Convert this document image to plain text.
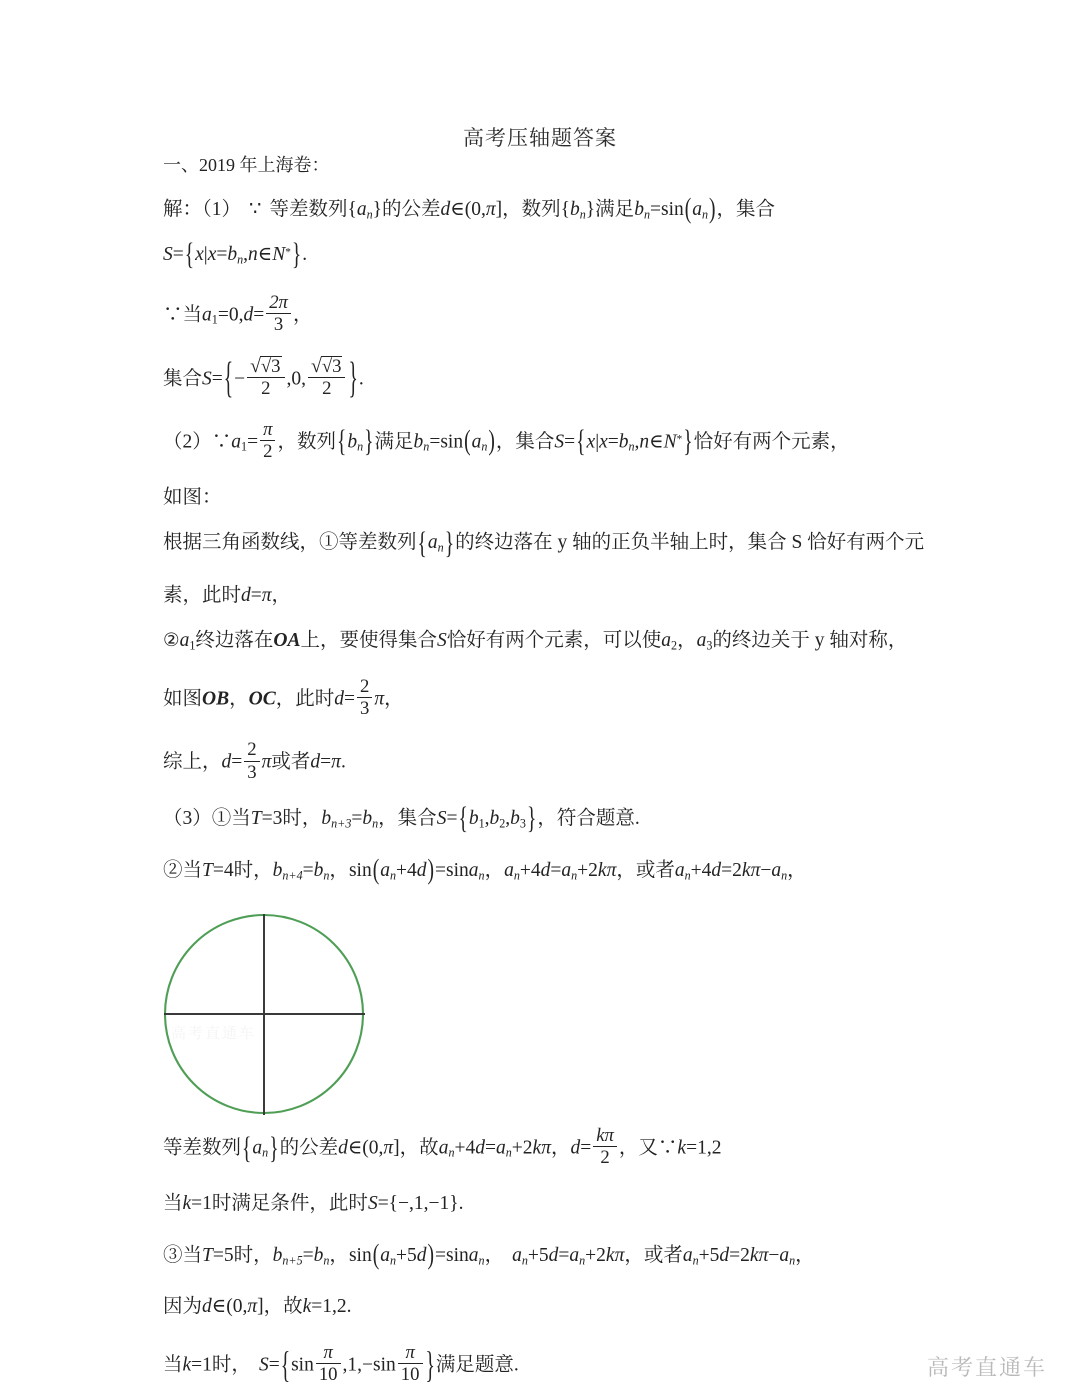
高考压轴题答案
一、2019 年上海卷：
解：（1） ∵ 等差数列$\{a_n\}$的公差d∈(0,π]，数列$\{b_n\}$满足$b_n=\sin(a_n)$，集合
$S=\{x|x=b_n,n\in N^*\}$.
∵当$a_1=0,d= \frac{2\pi}{3}$ ，
集合$S=\{- \frac{√√3}{2} ,0$, $\frac{√√3}{2}$ }.
$(2)\because a_1= \frac{\pi}{2}$ ，数列$\{b_n\}$满足$b_n=\sin(a_n)$，集合$S=\{x|x=b_n,n\in N^*\}$恰好有两个元素，
如图：
根据三角函数线，①等差数列$\{a_n\}$的终边落在 y 轴的正负半轴上时，集合 S 恰好有两个元
素，此时d=π，
$②a_1$终边落在OA上，要使得集合S恰好有两个元素，可以使$a_2$，$a_3$的终边关于 y 轴对称，
如图OB，OC，此时$d= \frac{2}{3}$ π，
综上，$d= \frac{2}{3}$ π或者d=π.
（3）①当T=3时，$b_{n+3}=b_n$，集合$S=\{b_1,b_2,b_3\}$，符合题意.
②当T=4时，$b_{n+4}=b_n$，$\sin(a_n+4d)=\sin a_n$，$a_n+4d=a_n+2k\pi$，或者$a_n+4d=2k\pi-a_n$，
等差数列$\{a_n\}$的公差d∈(0,π]，故$a_n+4d=a_n+2k\pi$，$d= \frac{k\pi}{2}$ ，又∵k=1,2
当k=1时满足条件，此时S={−,1,−1}.
③当T=5时，$b_{n+5}=b_n$，$\sin(a_n+5d)=\sin a_n$， $a_n+5d=a_n+2k\pi$，或者$a_n+5d=2k\pi-a_n$，
因为d∈(0,π]，故k=1,2.
当k=1时， $S=\{\sin \frac{\pi}{10} ,1,-\sin \frac{\pi}{10}$ }满足题意.
高考直通车
高考直通车
